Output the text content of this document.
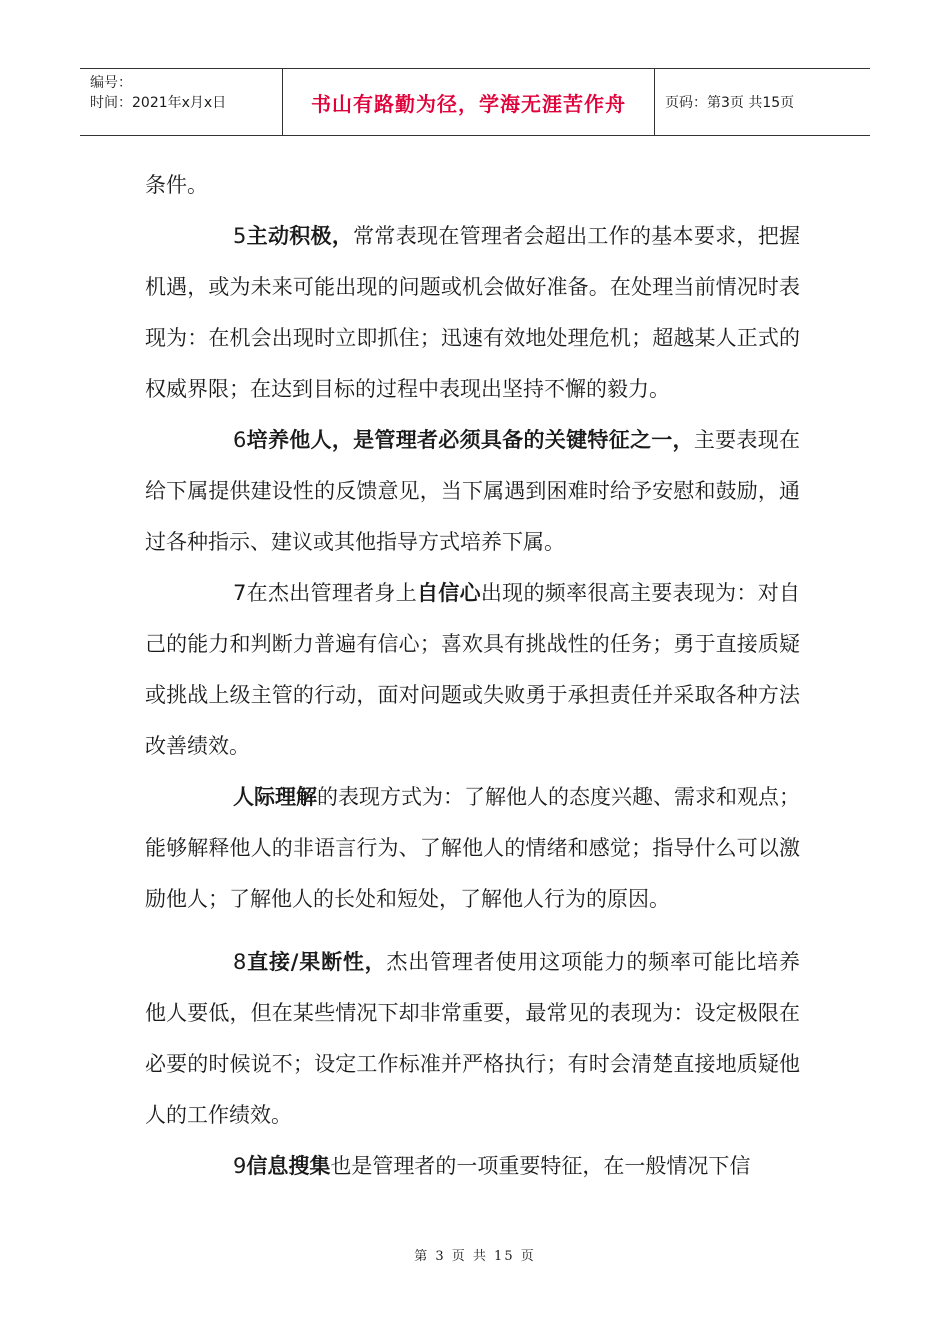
编号：
时间：2021年x月x日	书山有路勤为径，学海无涯苦作舟	页码：第3页 共15页

条件。

5主动积极，常常表现在管理者会超出工作的基本要求，把握机遇，或为未来可能出现的问题或机会做好准备。在处理当前情况时表现为：在机会出现时立即抓住；迅速有效地处理危机；超越某人正式的权威界限；在达到目标的过程中表现出坚持不懈的毅力。

6培养他人，是管理者必须具备的关键特征之一，主要表现在给下属提供建设性的反馈意见，当下属遇到困难时给予安慰和鼓励，通过各种指示、建议或其他指导方式培养下属。

7在杰出管理者身上自信心出现的频率很高主要表现为：对自己的能力和判断力普遍有信心；喜欢具有挑战性的任务；勇于直接质疑或挑战上级主管的行动，面对问题或失败勇于承担责任并采取各种方法改善绩效。

人际理解的表现方式为：了解他人的态度兴趣、需求和观点；能够解释他人的非语言行为、了解他人的情绪和感觉；指导什么可以激励他人；了解他人的长处和短处，了解他人行为的原因。

8直接/果断性，杰出管理者使用这项能力的频率可能比培养他人要低，但在某些情况下却非常重要，最常见的表现为：设定极限在必要的时候说不；设定工作标准并严格执行；有时会清楚直接地质疑他人的工作绩效。

9信息搜集也是管理者的一项重要特征，在一般情况下信

第 3 页 共 15 页
